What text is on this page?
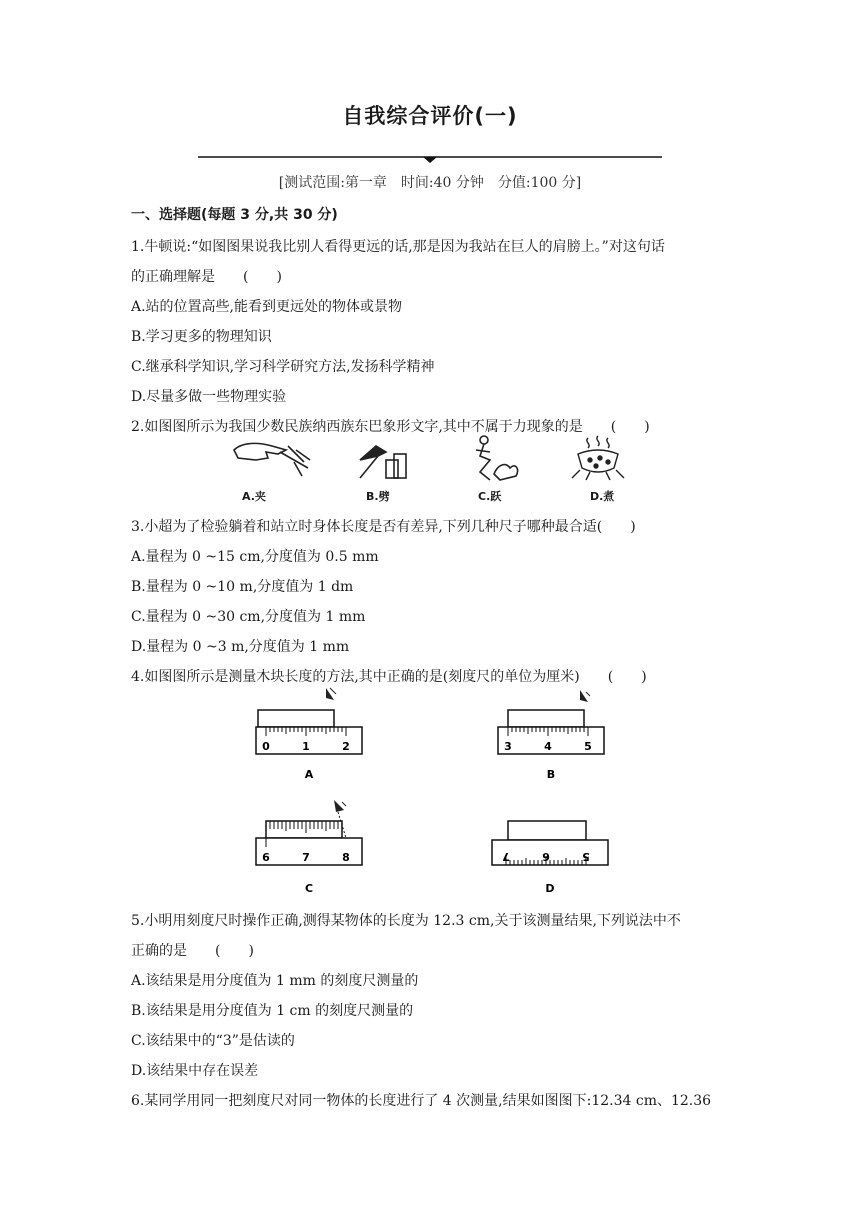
自我综合评价(一)
[测试范围:第一章　时间:40 分钟　分值:100 分]
一、选择题(每题 3 分,共 30 分)
1.牛顿说:“如图图果说我比别人看得更远的话,那是因为我站在巨人的肩膀上。”对这句话
的正确理解是　　(　　)
A.站的位置高些,能看到更远处的物体或景物
B.学习更多的物理知识
C.继承科学知识,学习科学研究方法,发扬科学精神
D.尽量多做一些物理实验
2.如图图所示为我国少数民族纳西族东巴象形文字,其中不属于力现象的是　　(　　)
A.夹	B.劈	C.跃	D.煮
3.小超为了检验躺着和站立时身体长度是否有差异,下列几种尺子哪种最合适(　　)
A.量程为 0 ~15 cm,分度值为 0.5 mm
B.量程为 0 ~10 m,分度值为 1 dm
C.量程为 0 ~30 cm,分度值为 1 mm
D.量程为 0 ~3 m,分度值为 1 mm
4.如图图所示是测量木块长度的方法,其中正确的是(刻度尺的单位为厘米)　　(　　)
0	1	2
A
3	4	5
B
6	7	8
C
7	6	5
D
5.小明用刻度尺时操作正确,测得某物体的长度为 12.3 cm,关于该测量结果,下列说法中不
正确的是　　(　　)
A.该结果是用分度值为 1 mm 的刻度尺测量的
B.该结果是用分度值为 1 cm 的刻度尺测量的
C.该结果中的“3”是估读的
D.该结果中存在误差
6.某同学用同一把刻度尺对同一物体的长度进行了 4 次测量,结果如图图下:12.34 cm、12.36
